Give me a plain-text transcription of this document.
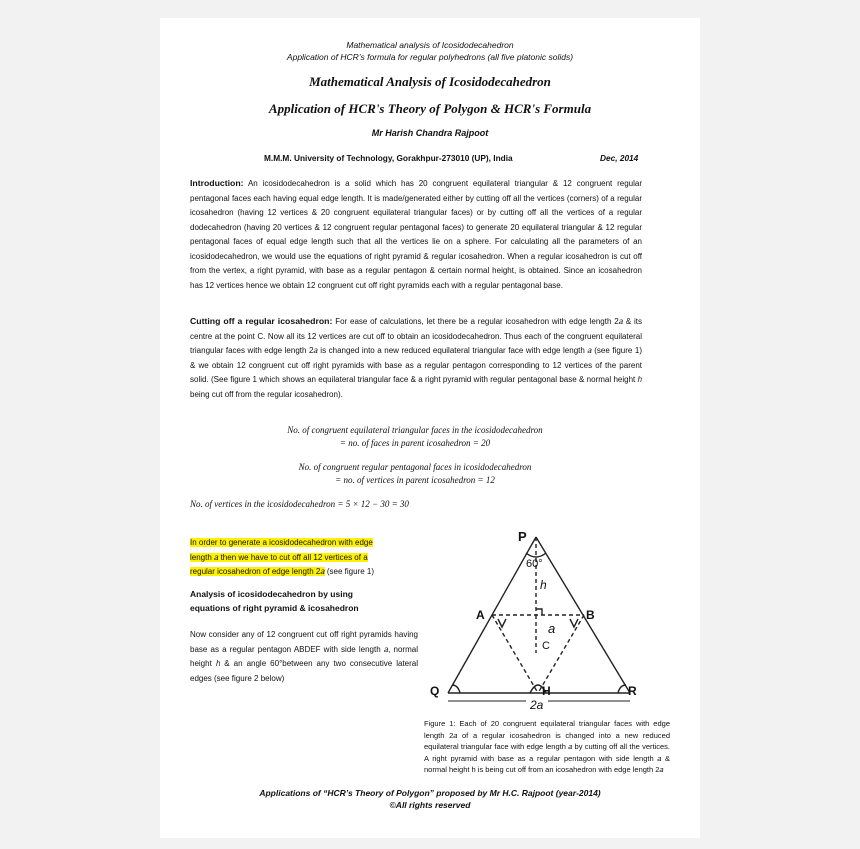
Mathematical analysis of Icosidodecahedron
Application of HCR’s formula for regular polyhedrons (all five platonic solids)
Mathematical Analysis of Icosidodecahedron
Application of HCR's Theory of Polygon & HCR's Formula
Mr Harish Chandra Rajpoot
M.M.M. University of Technology, Gorakhpur-273010 (UP), India	Dec, 2014
Introduction: An icosidodecahedron is a solid which has 20 congruent equilateral triangular & 12 congruent regular pentagonal faces each having equal edge length. It is made/generated either by cutting off all the vertices (corners) of a regular icosahedron (having 12 vertices & 20 congruent equilateral triangular faces) or by cutting off all the vertices of a regular dodecahedron (having 20 vertices & 12 congruent regular pentagonal faces) to generate 20 equilateral triangular & 12 regular pentagonal faces of equal edge length such that all the vertices lie on a sphere. For calculating all the parameters of an icosidodecahedron, we would use the equations of right pyramid & regular icosahedron. When a regular icosahedron is cut off from the vertex, a right pyramid, with base as a regular pentagon & certain normal height, is obtained. Since an icosahedron has 12 vertices hence we obtain 12 congruent cut off right pyramids each with a regular pentagonal base.
Cutting off a regular icosahedron: For ease of calculations, let there be a regular icosahedron with edge length 2𝑎 & its centre at the point C. Now all its 12 vertices are cut off to obtain an icosidodecahedron. Thus each of the congruent equilateral triangular faces with edge length 2𝑎 is changed into a new reduced equilateral triangular face with edge length 𝑎 (see figure 1) & we obtain 12 congruent cut off right pyramids with base as a regular pentagon corresponding to 12 vertices of the parent solid. (See figure 1 which shows an equilateral triangular face & a right pyramid with regular pentagonal base & normal height ℎ being cut off from the regular icosahedron).
No. of congruent equilateral triangular faces in the icosidodecahedron
= no. of faces in parent icosahedron = 20
No. of congruent regular pentagonal faces in icosidodecahedron
= no. of vertices in parent icosahedron = 12
No. of vertices in the icosidodecahedron = 5 × 12 − 30 = 30
In order to generate a icosidodecahedron with edge
length 𝑎 then we have to cut off all 12 vertices of a
regular icosahedron of edge length 2𝑎 (see figure 1)
Analysis of icosidodecahedron by using
equations of right pyramid & icosahedron
Now consider any of 12 congruent cut off right pyramids having base as a regular pentagon ABDEF with side length 𝑎, normal height ℎ & an angle 60°between any two consecutive lateral edges (see figure 2 below)
P
60°
h
A	B
a
C
Q	H	R
2a
Figure 1: Each of 20 congruent equilateral triangular faces with edge length 2𝑎 of a regular icosahedron is changed into a new reduced equilateral triangular face with edge length 𝑎 by cutting off all the vertices. A right pyramid with base as a regular pentagon with side length 𝑎 & normal height h is being cut off from an icosahedron with edge length 2𝑎
Applications of “HCR’s Theory of Polygon” proposed by Mr H.C. Rajpoot (year-2014)
©All rights reserved
